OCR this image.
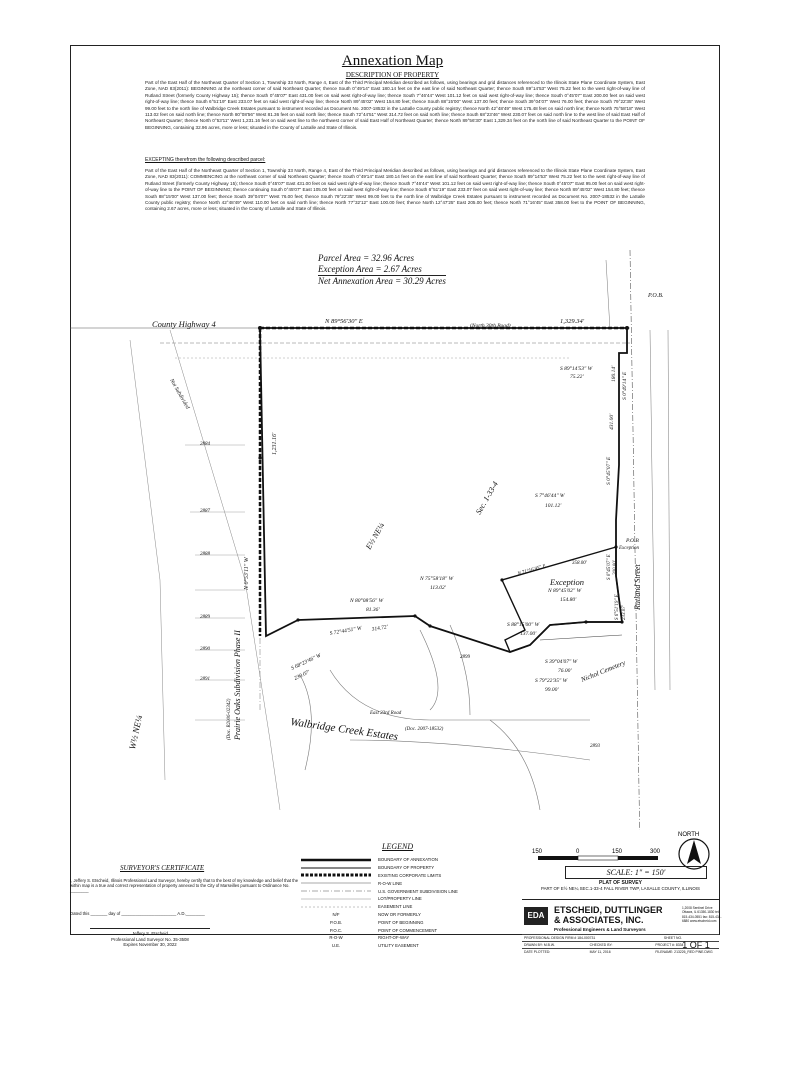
Annexation Map
DESCRIPTION OF PROPERTY
Part of the East Half of the Northeast Quarter of Section 1, Township 33 North, Range 4, East of the Third Principal Meridian described as follows, using bearings and grid distances referenced to the Illinois State Plane Coordinate System, East Zone, NAD 83(2011): BEGINNING at the northeast corner of said Northeast Quarter; thence South 0°49'14" East 180.14 feet on the east line of said Northeast Quarter; thence South 89°14'53" West 75.22 feet to the west right-of-way line of Rutland Street (formerly County Highway 15); thence South 0°45'07" East 431.00 feet on said west right-of-way line; thence South 7°46'44" West 101.12 feet on said west right-of-way line; thence South 0°45'07" East 200.00 feet on said west right-of-way line; thence South 6°51'19" East 233.07 feet on said west right-of-way line; thence North 89°45'02" West 154.80 feet; thence South 88°15'00" West 137.00 feet; thence South 39°04'07" West 76.00 feet; thence South 79°22'35" West 99.00 feet to the north line of Walbridge Creek Estates pursuant to instrument recorded as Document No. 2007-18532 in the LaSalle County public registry; thence North 42°48'49" West 175.48 feet on said north line; thence North 75°58'18" West 113.02 feet on said north line; thence North 80°08'56" West 81.36 feet on said north line; thence South 72°44'51" West 314.72 feet on said north line; thence South 68°23'46" West 230.07 feet on said north line to the west line of said East Half of Northeast Quarter; thence North 0°53'11" West 1,231.16 feet on said west line to the northwest corner of said East Half of Northeast Quarter; thence North 89°56'30" East 1,329.34 feet on the north line of said Northeast Quarter to the POINT OF BEGINNING, containing 32.96 acres, more or less; situated in the County of LaSalle and State of Illinois.
EXCEPTING therefrom the following described parcel:
Part of the East Half of the Northeast Quarter of Section 1, Township 33 North, Range 4, East of the Third Principal Meridian described as follows, using bearings and grid distances referenced to the Illinois State Plane Coordinate System, East Zone, NAD 83(2011): COMMENCING at the northeast corner of said Northeast Quarter; thence South 0°49'14" East 180.14 feet on the east line of said Northeast Quarter; thence South 89°14'53" West 75.22 feet to the west right-of-way line of Rutland Street (formerly County Highway 15); thence South 0°45'07" East 431.00 feet on said west right-of-way line; thence South 7°46'44" West 101.12 feet on said west right-of-way line; thence South 0°45'07" East 95.00 feet on said west right-of-way line to the POINT OF BEGINNING; thence continuing South 0°45'07" East 105.00 feet on said west right-of-way line; thence South 6°51'19" East 233.07 feet on said west right-of-way line; thence North 89°45'02" West 154.80 feet; thence South 88°15'00" West 137.00 feet; thence South 39°04'07" West 76.00 feet; thence South 79°22'35" West 99.00 feet to the north line of Walbridge Creek Estates pursuant to instrument recorded as Document No. 2007-18532 in the LaSalle County public registry; thence North 42°48'49" West 110.00 feet on said north line; thence North 77°32'12" East 100.00 feet; thence North 12°47'25" East 205.00 feet; thence North 71°16'45" East 358.00 feet to the POINT OF BEGINNING, containing 2.67 acres, more or less; situated in the County of LaSalle and State of Illinois.
Parcel Area = 32.96 Acres
Exception Area = 2.67 Acres

Net Annexation Area = 30.29 Acres
County Highway 4	(North 30th Road)
N 89°56'30" E	1,329.34'
N 0°53'11" W
1,231.16'
S 0°49'14" E
180.14'
S 89°14'53" W
75.22'
431.00'
S 0°45'07" E
S 7°46'44" W
101.12'
S 0°45'07" E 200.00'
S 6°51'19" E 233.07'
N 89°45'02" W
154.80'
S 88°15'00" W
137.00'
S 39°04'07" W
76.00'
S 79°22'35" W
99.00'
N 75°58'18" W
113.02'
N 80°08'56" W
81.36'
S 72°44'51" W 314.72'
S 68°23'46" W
230.07'
N 71°16'45" E
358.00'
Exception
P.O.B
Exception
P.O.B.
Nichol Cemetery
Rutland Street
Sec. 1-33-4
E½ NE¼
W½ NE¼	Prairie Oaks Subdivision Phase II
(Doc. R2006-02342)	Walbridge Creek Estates (Doc. 2007-18532)
East 23rd Road
Not Subdivided
2884
2887
2888
2889
2890
2891
2893
2899
SURVEYOR'S CERTIFICATE
I, Jeffery S. Etscheid, Illinois Professional Land Surveyor, hereby certify that to the best of my knowledge and belief that the within map is a true and correct representation of property annexed to the City of Marseilles pursuant to Ordinance No. ________
Dated this _______ day of _______________________ A.D.________
Jeffery S. Etscheid
Professional Land Surveyor No. 35-3508
Expires November 30, 2022
LEGEND
BOUNDARY OF ANNEXATION
BOUNDARY OF PROPERTY
EXISTING CORPORATE LIMITS
R-O-W LINE
U.S. GOVERNMENT SUBDIVISION LINE
LOT/PROPERTY LINE
EASEMENT LINE
N/F	NOW OR FORMERLY
P.O.B.	POINT OF BEGINNING
P.O.C.	POINT OF COMMENCEMENT
R-O-W	RIGHT-OF-WAY
U.E.	UTILITY EASEMENT
150	0	150	300
NORTH
SCALE: 1" = 150'
PLAT OF SURVEY
PART OF E½ NE¼ SEC.1-33-4 FALL RIVER TWP, LASALLE COUNTY, ILLINOIS
EDA
ETSCHEID, DUTTLINGER
& ASSOCIATES, INC.
Professional Engineers & Land Surveyors
1,2008 Sentinel Drive Ottawa, IL 61350-1830 tel: 815-434-0551 fax: 815-434-6880 www.etscheid.com
PROFESSIONAL DESIGN FIRM # 184-000731	SHEET NO.
DRAWN BY: M.B.W.	CHECKED BY:	PROJECT #: 8334
DATE PLOTTED:	MAY 11, 2016	FILENAME: 213226_RED PINE.DWG
1 OF 1
